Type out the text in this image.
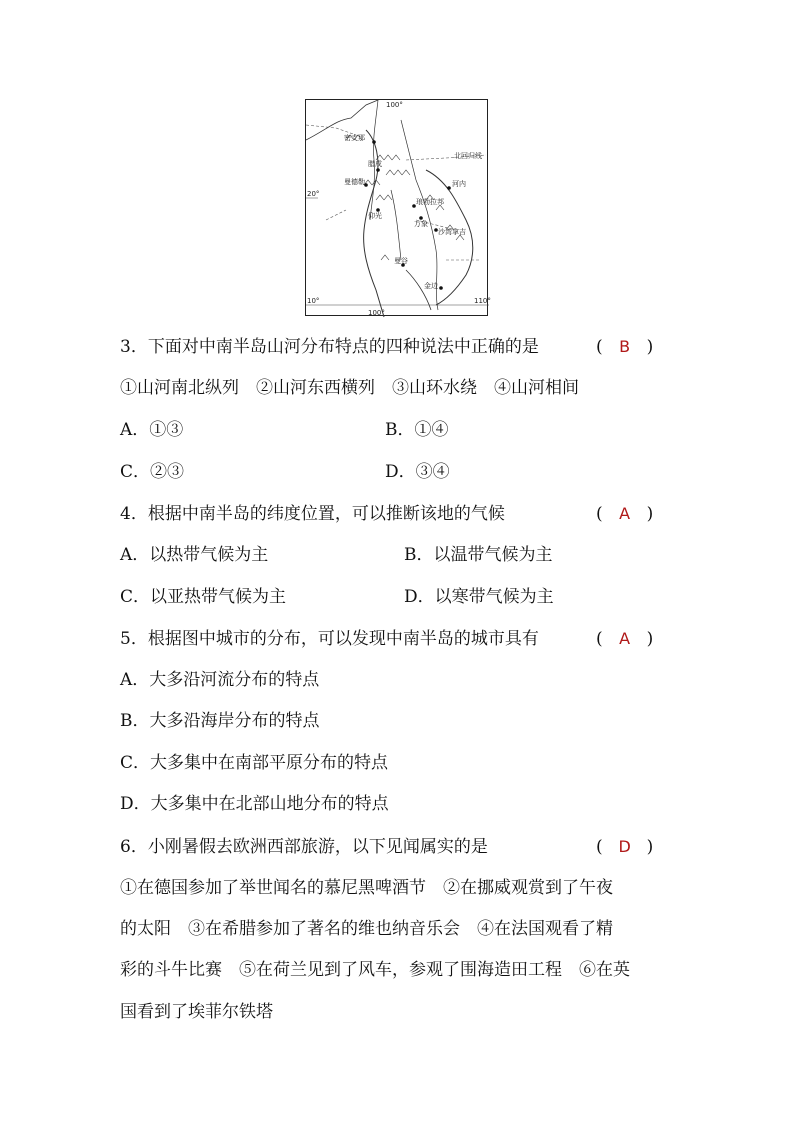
100°
100°
110°
20°
10°
北回归线
密支那
腊戌
曼德勒	河内
琅勃拉邦
万象
仰光
沙湾拿吉
曼谷
金边
3．下面对中南半岛山河分布特点的四种说法中正确的是	( B )
①山河南北纵列　②山河东西横列　③山环水绕　④山河相间
A．①③	B．①④
C．②③	D．③④
4．根据中南半岛的纬度位置，可以推断该地的气候	( A )
A．以热带气候为主	B．以温带气候为主
C．以亚热带气候为主	D．以寒带气候为主
5．根据图中城市的分布，可以发现中南半岛的城市具有	( A )
A．大多沿河流分布的特点
B．大多沿海岸分布的特点
C．大多集中在南部平原分布的特点
D．大多集中在北部山地分布的特点
6．小刚暑假去欧洲西部旅游，以下见闻属实的是	( D )
①在德国参加了举世闻名的慕尼黑啤酒节　②在挪威观赏到了午夜
的太阳　③在希腊参加了著名的维也纳音乐会　④在法国观看了精
彩的斗牛比赛　⑤在荷兰见到了风车，参观了围海造田工程　⑥在英
国看到了埃菲尔铁塔
